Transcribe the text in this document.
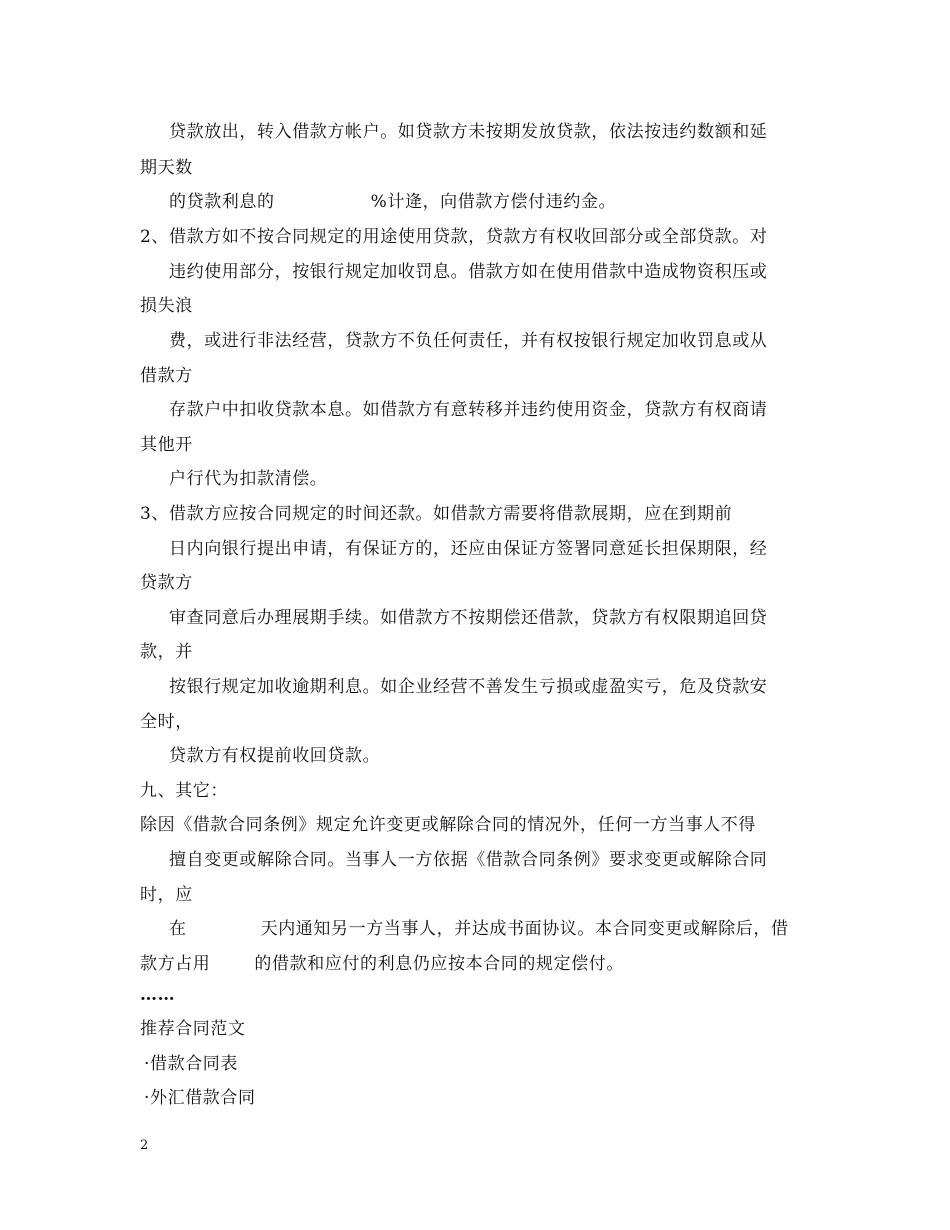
贷款放出，转入借款方帐户。如贷款方未按期发放贷款，依法按违约数额和延
期天数
的贷款利息的	%计逄，向借款方偿付违约金。
2、借款方如不按合同规定的用途使用贷款，贷款方有权收回部分或全部贷款。对
违约使用部分，按银行规定加收罚息。借款方如在使用借款中造成物资积压或
损失浪
费，或进行非法经营，贷款方不负任何责任，并有权按银行规定加收罚息或从
借款方
存款户中扣收贷款本息。如借款方有意转移并违约使用资金，贷款方有权商请
其他开
户行代为扣款清偿。
3、借款方应按合同规定的时间还款。如借款方需要将借款展期，应在到期前
日内向银行提出申请，有保证方的，还应由保证方签署同意延长担保期限，经
贷款方
审查同意后办理展期手续。如借款方不按期偿还借款，贷款方有权限期追回贷
款，并
按银行规定加收逾期利息。如企业经营不善发生亏损或虚盈实亏，危及贷款安
全时，
贷款方有权提前收回贷款。
九、其它：
除因《借款合同条例》规定允许变更或解除合同的情况外，任何一方当事人不得
擅自变更或解除合同。当事人一方依据《借款合同条例》要求变更或解除合同
时，应
在	天内通知另一方当事人，并达成书面协议。本合同变更或解除后，借
款方占用	的借款和应付的利息仍应按本合同的规定偿付。
……
推荐合同范文
·借款合同表
·外汇借款合同
2
